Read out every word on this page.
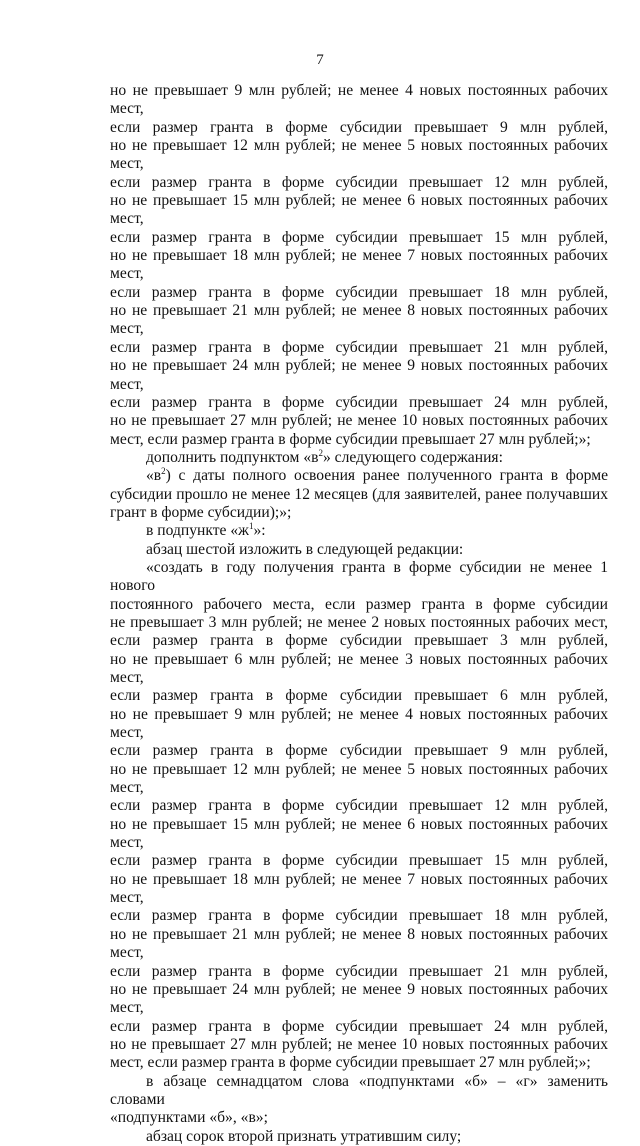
7
но не превышает 9 млн рублей; не менее 4 новых постоянных рабочих мест,
если размер гранта в форме субсидии превышает 9 млн рублей,
но не превышает 12 млн рублей; не менее 5 новых постоянных рабочих мест,
если размер гранта в форме субсидии превышает 12 млн рублей,
но не превышает 15 млн рублей; не менее 6 новых постоянных рабочих мест,
если размер гранта в форме субсидии превышает 15 млн рублей,
но не превышает 18 млн рублей; не менее 7 новых постоянных рабочих мест,
если размер гранта в форме субсидии превышает 18 млн рублей,
но не превышает 21 млн рублей; не менее 8 новых постоянных рабочих мест,
если размер гранта в форме субсидии превышает 21 млн рублей,
но не превышает 24 млн рублей; не менее 9 новых постоянных рабочих мест,
если размер гранта в форме субсидии превышает 24 млн рублей,
но не превышает 27 млн рублей; не менее 10 новых постоянных рабочих
мест, если размер гранта в форме субсидии превышает 27 млн рублей;»;
дополнить подпунктом «$в^2$» следующего содержания:
«$в^2$) с даты полного освоения ранее полученного гранта в форме
субсидии прошло не менее 12 месяцев (для заявителей, ранее получавших
грант в форме субсидии);»;
в подпункте «$ж^1$»:
абзац шестой изложить в следующей редакции:
«создать в году получения гранта в форме субсидии не менее 1 нового
постоянного рабочего места, если размер гранта в форме субсидии
не превышает 3 млн рублей; не менее 2 новых постоянных рабочих мест,
если размер гранта в форме субсидии превышает 3 млн рублей,
но не превышает 6 млн рублей; не менее 3 новых постоянных рабочих мест,
если размер гранта в форме субсидии превышает 6 млн рублей,
но не превышает 9 млн рублей; не менее 4 новых постоянных рабочих мест,
если размер гранта в форме субсидии превышает 9 млн рублей,
но не превышает 12 млн рублей; не менее 5 новых постоянных рабочих мест,
если размер гранта в форме субсидии превышает 12 млн рублей,
но не превышает 15 млн рублей; не менее 6 новых постоянных рабочих мест,
если размер гранта в форме субсидии превышает 15 млн рублей,
но не превышает 18 млн рублей; не менее 7 новых постоянных рабочих мест,
если размер гранта в форме субсидии превышает 18 млн рублей,
но не превышает 21 млн рублей; не менее 8 новых постоянных рабочих мест,
если размер гранта в форме субсидии превышает 21 млн рублей,
но не превышает 24 млн рублей; не менее 9 новых постоянных рабочих мест,
если размер гранта в форме субсидии превышает 24 млн рублей,
но не превышает 27 млн рублей; не менее 10 новых постоянных рабочих
мест, если размер гранта в форме субсидии превышает 27 млн рублей;»;
в абзаце семнадцатом слова «подпунктами «б» – «г» заменить словами
«подпунктами «б», «в»;
абзац сорок второй признать утратившим силу;
